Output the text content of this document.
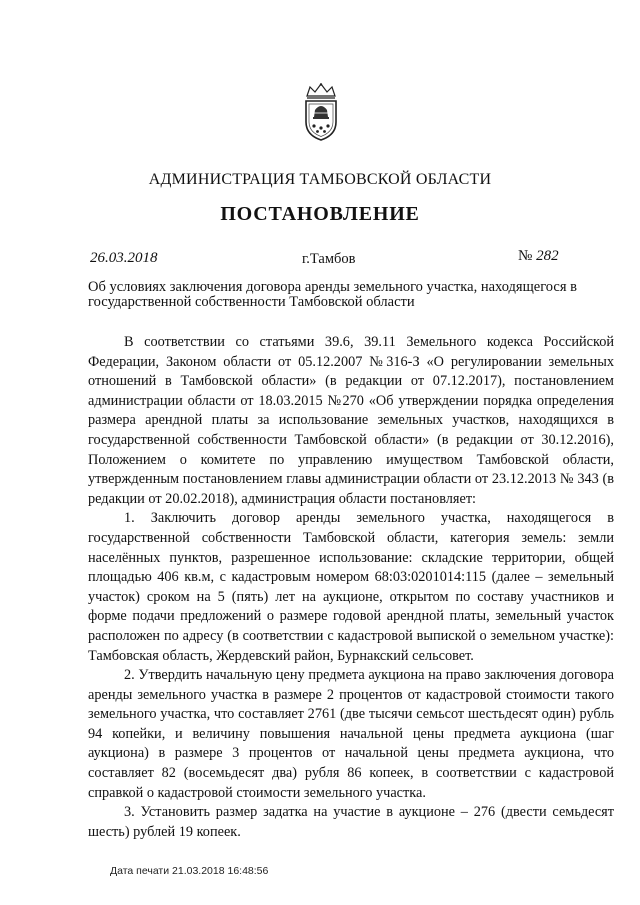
АДМИНИСТРАЦИЯ ТАМБОВСКОЙ ОБЛАСТИ
ПОСТАНОВЛЕНИЕ
26.03.2018	г.Тамбов	№ 282
Об условиях заключения договора аренды земельного участка, находящегося в государственной собственности Тамбовской области

В соответствии со статьями 39.6, 39.11 Земельного кодекса Российской Федерации, Законом области от 05.12.2007 №316-З «О регулировании земельных отношений в Тамбовской области» (в редакции от 07.12.2017), постановлением администрации области от 18.03.2015 №270 «Об утверждении порядка определения размера арендной платы за использование земельных участков, находящихся в государственной собственности Тамбовской области» (в редакции от 30.12.2016), Положением о комитете по управлению имуществом Тамбовской области, утвержденным постановлением главы администрации области от 23.12.2013 № 343 (в редакции от 20.02.2018), администрация области постановляет:

1. Заключить договор аренды земельного участка, находящегося в государственной собственности Тамбовской области, категория земель: земли населённых пунктов, разрешенное использование: складские территории, общей площадью 406 кв.м, с кадастровым номером 68:03:0201014:115 (далее – земельный участок) сроком на 5 (пять) лет на аукционе, открытом по составу участников и форме подачи предложений о размере годовой арендной платы, земельный участок расположен по адресу (в соответствии с кадастровой выпиской о земельном участке): Тамбовская область, Жердевский район, Бурнакский сельсовет.

2. Утвердить начальную цену предмета аукциона на право заключения договора аренды земельного участка в размере 2 процентов от кадастровой стоимости такого земельного участка, что составляет 2761 (две тысячи семьсот шестьдесят один) рубль 94 копейки, и величину повышения начальной цены предмета аукциона (шаг аукциона) в размере 3 процентов от начальной цены предмета аукциона, что составляет 82 (восемьдесят два) рубля 86 копеек, в соответствии с кадастровой справкой о кадастровой стоимости земельного участка.

3. Установить размер задатка на участие в аукционе – 276 (двести семьдесят шесть) рублей 19 копеек.

Дата печати 21.03.2018 16:48:56
